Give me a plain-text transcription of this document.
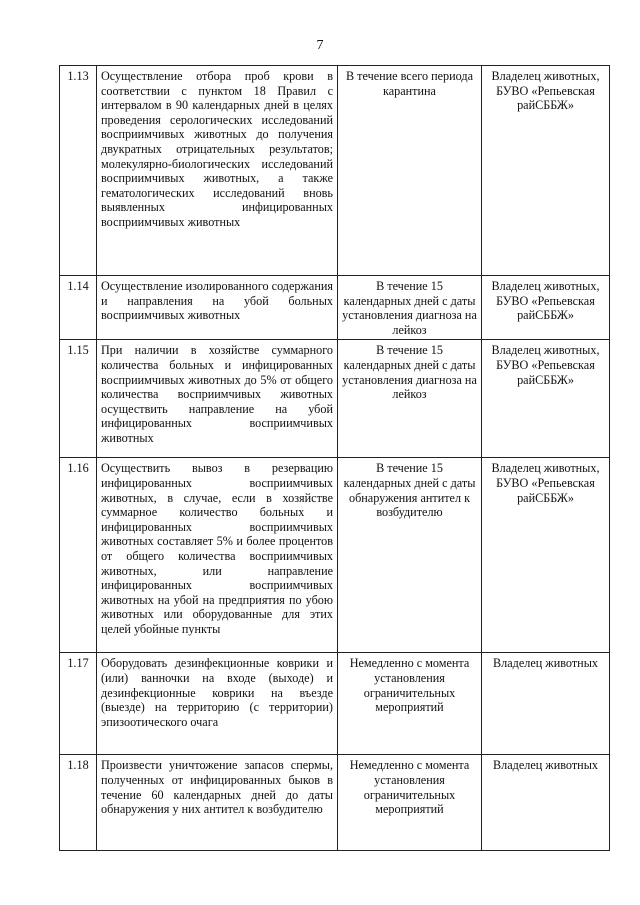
7
1.13	Осуществление отбора проб крови в соответствии с пунктом 18 Правил с интервалом в 90 календарных дней в целях проведения серологических исследований восприимчивых животных до получения двукратных отрицательных результатов; молекулярно-биологических исследований восприимчивых животных, а также гематологических исследований вновь выявленных инфицированных восприимчивых животных	В течение всего периода карантина	Владелец животных, БУВО «Репьевская райСББЖ»
1.14	Осуществление изолированного содержания и направления на убой больных восприимчивых животных	В течение 15 календарных дней с даты установления диагноза на лейкоз	Владелец животных, БУВО «Репьевская райСББЖ»
1.15	При наличии в хозяйстве суммарного количества больных и инфицированных восприимчивых животных до 5% от общего количества восприимчивых животных осуществить направление на убой инфицированных восприимчивых животных	В течение 15 календарных дней с даты установления диагноза на лейкоз	Владелец животных, БУВО «Репьевская райСББЖ»
1.16	Осуществить вывоз в резервацию инфицированных восприимчивых животных, в случае, если в хозяйстве суммарное количество больных и инфицированных восприимчивых животных составляет 5% и более процентов от общего количества восприимчивых животных, или направление инфицированных восприимчивых животных на убой на предприятия по убою животных или оборудованные для этих целей убойные пункты	В течение 15 календарных дней с даты обнаружения антител к возбудителю	Владелец животных, БУВО «Репьевская райСББЖ»
1.17	Оборудовать дезинфекционные коврики и (или) ванночки на входе (выходе) и дезинфекционные коврики на въезде (выезде) на территорию (с территории) эпизоотического очага	Немедленно с момента установления ограничительных мероприятий	Владелец животных
1.18	Произвести уничтожение запасов спермы, полученных от инфицированных быков в течение 60 календарных дней до даты обнаружения у них антител к возбудителю	Немедленно с момента установления ограничительных мероприятий	Владелец животных
